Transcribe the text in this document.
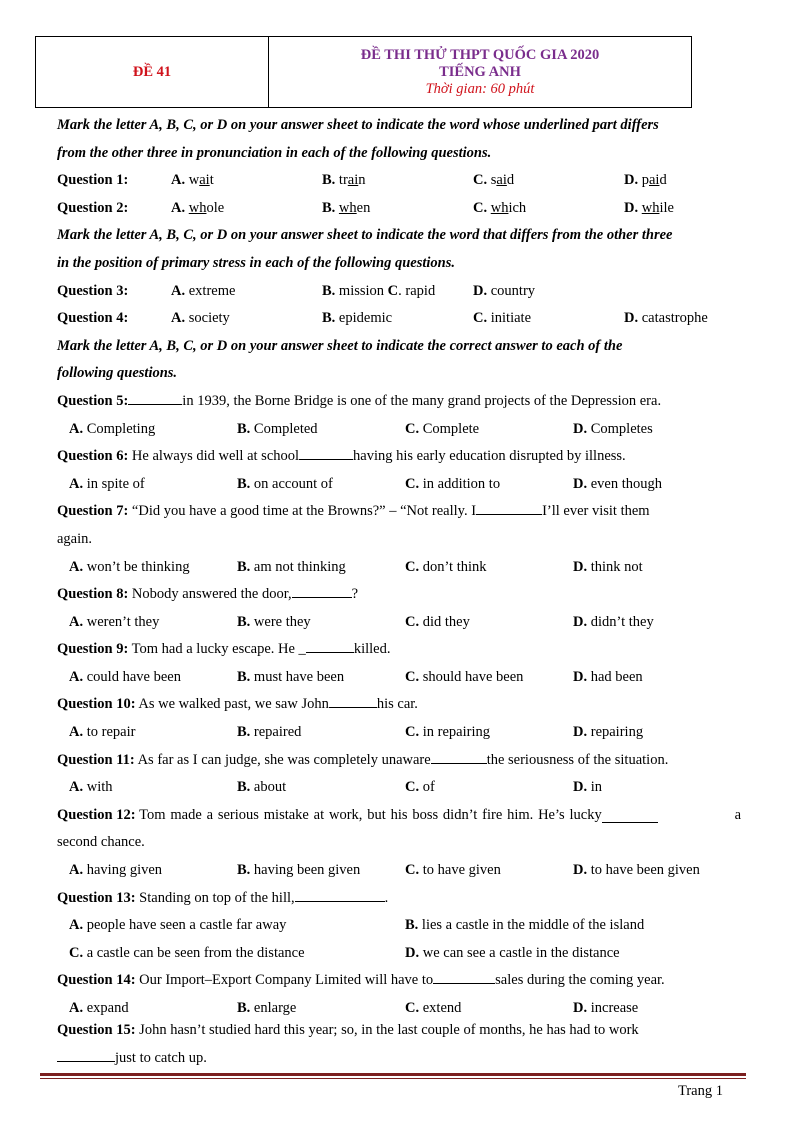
ĐỀ 41	
ĐỀ THI THỬ THPT QUỐC GIA 2020
TIẾNG ANH
Thời gian: 60 phút
Mark the letter A, B, C, or D on your answer sheet to indicate the word whose underlined part differs
from the other three in pronunciation in each of the following questions.
Question 1:	A. wait	B. train	C. said	D. paid
Question 2:	A. whole	B. when	C. which	D. while
Mark the letter A, B, C, or D on your answer sheet to indicate the word that differs from the other three
in the position of primary stress in each of the following questions.
Question 3:	A. extreme	B. mission C. rapid	D. country
Question 4:	A. society	B. epidemic	C. initiate	D. catastrophe
Mark the letter A, B, C, or D on your answer sheet to indicate the correct answer to each of the
following questions.
Question 5:	in 1939, the Borne Bridge is one of the many grand projects of the Depression era.
A. Completing	B. Completed	C. Complete	D. Completes
Question 6: He always did well at school	having his early education disrupted by illness.
A. in spite of	B. on account of	C. in addition to	D. even though
Question 7: “Did you have a good time at the Browns?” – “Not really. I	I’ll ever visit them
again.
A. won’t be thinking	B. am not thinking	C. don’t think	D. think not
Question 8: Nobody answered the door,	?
A. weren’t they	B. were they	C. did they	D. didn’t they
Question 9: Tom had a lucky escape. He _	killed.
A. could have been	B. must have been	C. should have been	D. had been
Question 10: As we walked past, we saw John	his car.
A. to repair	B. repaired	C. in repairing	D. repairing
Question 11: As far as I can judge, she was completely unaware	the seriousness of the situation.
A. with	B. about	C. of	D. in
Question 12:
Tom made a serious mistake at work, but his boss didn’t fire him. He’s lucky	a
second chance.
A. having given	B. having been given	C. to have given	D. to have been given
Question 13: Standing on top of the hill,	.
A. people have seen a castle far away	B. lies a castle in the middle of the island
C. a castle can be seen from the distance	D. we can see a castle in the distance
Question 14: Our Import–Export Company Limited will have to	sales during the coming year.
A. expand	B. enlarge	C. extend	D. increase
Question 15: John hasn’t studied hard this year; so, in the last couple of months, he has had to work
just to catch up.
Trang 1
